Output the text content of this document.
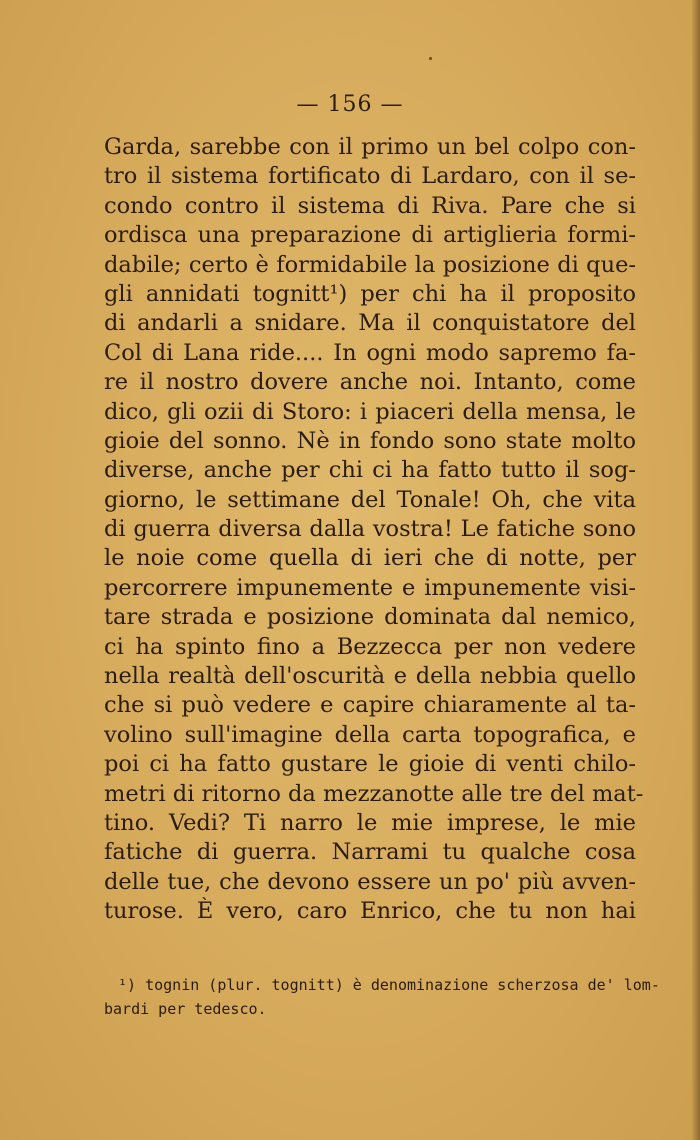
— 156 —
Garda, sarebbe con il primo un bel colpo con-
tro il sistema fortificato di Lardaro, con il se-
condo contro il sistema di Riva. Pare che si
ordisca una preparazione di artiglieria formi-
dabile; certo è formidabile la posizione di que-
gli annidati tognitt¹) per chi ha il proposito
di andarli a snidare. Ma il conquistatore del
Col di Lana ride.... In ogni modo sapremo fa-
re il nostro dovere anche noi. Intanto, come
dico, gli ozii di Storo: i piaceri della mensa, le
gioie del sonno. Nè in fondo sono state molto
diverse, anche per chi ci ha fatto tutto il sog-
giorno, le settimane del Tonale! Oh, che vita
di guerra diversa dalla vostra! Le fatiche sono
le noie come quella di ieri che di notte, per
percorrere impunemente e impunemente visi-
tare strada e posizione dominata dal nemico,
ci ha spinto fino a Bezzecca per non vedere
nella realtà dell'oscurità e della nebbia quello
che si può vedere e capire chiaramente al ta-
volino sull'imagine della carta topografica, e
poi ci ha fatto gustare le gioie di venti chilo-
metri di ritorno da mezzanotte alle tre del mat-
tino. Vedi? Ti narro le mie imprese, le mie
fatiche di guerra. Narrami tu qualche cosa
delle tue, che devono essere un po' più avven-
turose. È vero, caro Enrico, che tu non hai
¹) tognin (plur. tognitt) è denominazione scherzosa de' lom-
bardi per tedesco.
